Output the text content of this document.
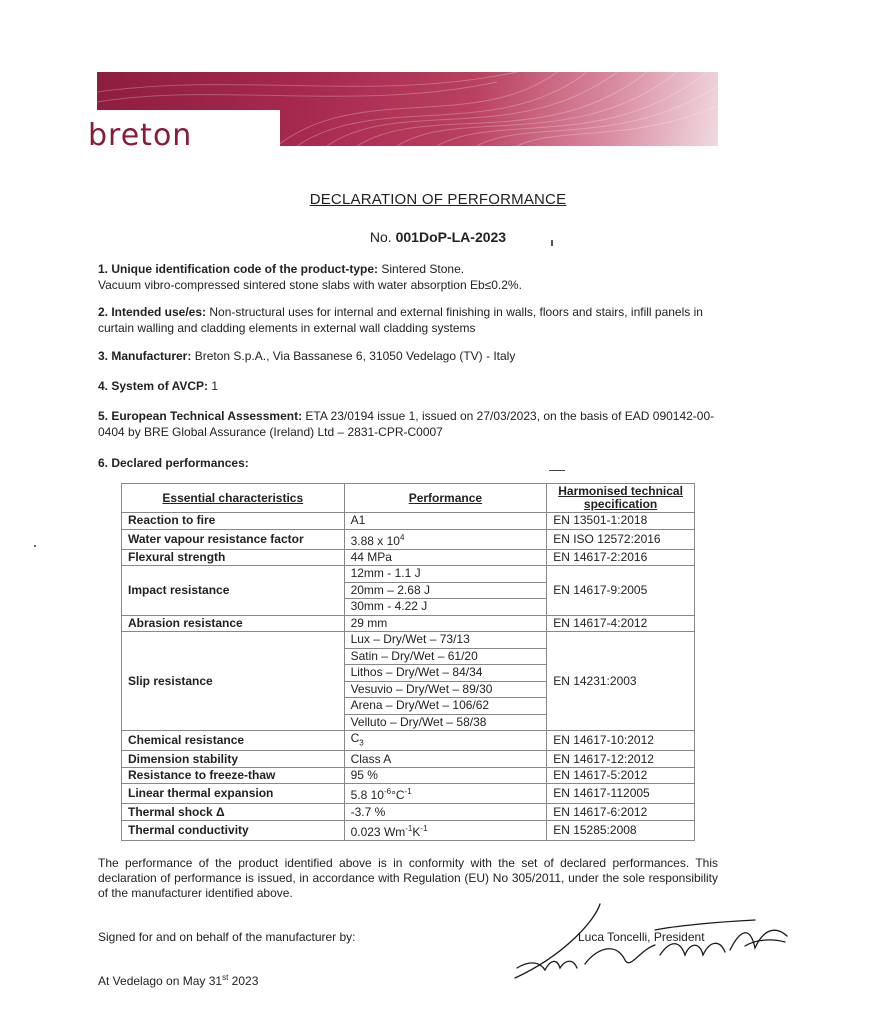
breton
DECLARATION OF PERFORMANCE
No. 001DoP-LA-2023
1. Unique identification code of the product-type: Sintered Stone.
Vacuum vibro-compressed sintered stone slabs with water absorption Eb≤0.2%.
2. Intended use/es: Non-structural uses for internal and external finishing in walls, floors and stairs, infill panels in curtain walling and cladding elements in external wall cladding systems
3. Manufacturer: Breton S.p.A., Via Bassanese 6, 31050 Vedelago (TV) - Italy
4. System of AVCP: 1
5. European Technical Assessment: ETA 23/0194 issue 1, issued on 27/03/2023, on the basis of EAD 090142-00-0404 by BRE Global Assurance (Ireland) Ltd – 2831-CPR-C0007
6. Declared performances:
Essential characteristics	Performance	Harmonised technical specification
Reaction to fire	A1	EN 13501-1:2018
Water vapour resistance factor	3.88 x $10^4$	EN ISO 12572:2016
Flexural strength	44 MPa	EN 14617-2:2016
Impact resistance	12mm - 1.1 J	EN 14617-9:2005
	20mm – 2.68 J	
	30mm - 4.22 J	
Abrasion resistance	29 mm	EN 14617-4:2012
Slip resistance	Lux – Dry/Wet – 73/13	EN 14231:2003
	Satin – Dry/Wet – 61/20	
	Lithos – Dry/Wet – 84/34	
	Vesuvio – Dry/Wet – 89/30	
	Arena – Dry/Wet – 106/62	
	Velluto – Dry/Wet – 58/38	
Chemical resistance	$C_3$	EN 14617-10:2012
Dimension stability	Class A	EN 14617-12:2012
Resistance to freeze-thaw	95 %	EN 14617-5:2012
Linear thermal expansion	5.8 $10^{-6}^\circ C^{-1}$	EN 14617-112005
Thermal shock Δ	-3.7 %	EN 14617-6:2012
Thermal conductivity	0.023 $Wm^{-1}K^{-1}$	EN 15285:2008
The performance of the product identified above is in conformity with the set of declared performances. This declaration of performance is issued, in accordance with Regulation (EU) No 305/2011, under the sole responsibility of the manufacturer identified above.
Signed for and on behalf of the manufacturer by:	Luca Toncelli, President
At Vedelago on May 31st 2023
